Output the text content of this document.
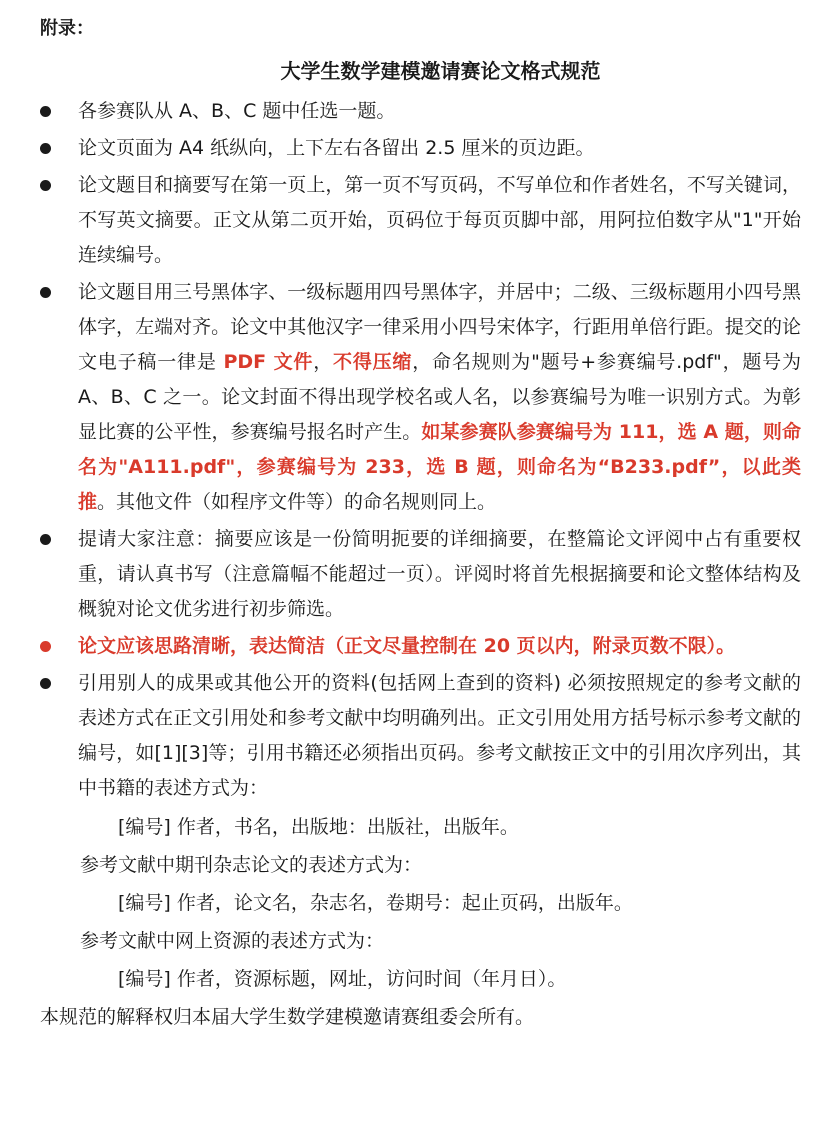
附录：

大学生数学建模邀请赛论文格式规范

各参赛队从 A、B、C 题中任选一题。
论文页面为 A4 纸纵向，上下左右各留出 2.5 厘米的页边距。
论文题目和摘要写在第一页上，第一页不写页码，不写单位和作者姓名，不写关键词，不写英文摘要。正文从第二页开始，页码位于每页页脚中部，用阿拉伯数字从"1"开始连续编号。
论文题目用三号黑体字、一级标题用四号黑体字，并居中；二级、三级标题用小四号黑体字，左端对齐。论文中其他汉字一律采用小四号宋体字，行距用单倍行距。提交的论文电子稿一律是 PDF 文件，不得压缩，命名规则为"题号+参赛编号.pdf"，题号为 A、B、C 之一。论文封面不得出现学校名或人名，以参赛编号为唯一识别方式。为彰显比赛的公平性，参赛编号报名时产生。如某参赛队参赛编号为 111，选 A 题，则命名为"A111.pdf"，参赛编号为 233，选 B 题，则命名为“B233.pdf”，以此类推。其他文件（如程序文件等）的命名规则同上。
提请大家注意：摘要应该是一份简明扼要的详细摘要，在整篇论文评阅中占有重要权重，请认真书写（注意篇幅不能超过一页）。评阅时将首先根据摘要和论文整体结构及概貌对论文优劣进行初步筛选。
论文应该思路清晰，表达简洁（正文尽量控制在 20 页以内，附录页数不限）。
引用别人的成果或其他公开的资料(包括网上查到的资料) 必须按照规定的参考文献的表述方式在正文引用处和参考文献中均明确列出。正文引用处用方括号标示参考文献的编号，如[1][3]等；引用书籍还必须指出页码。参考文献按正文中的引用次序列出，其中书籍的表述方式为：
[编号] 作者，书名，出版地：出版社，出版年。
参考文献中期刊杂志论文的表述方式为：
[编号] 作者，论文名，杂志名，卷期号：起止页码，出版年。
参考文献中网上资源的表述方式为：
[编号] 作者，资源标题，网址，访问时间（年月日）。
本规范的解释权归本届大学生数学建模邀请赛组委会所有。
